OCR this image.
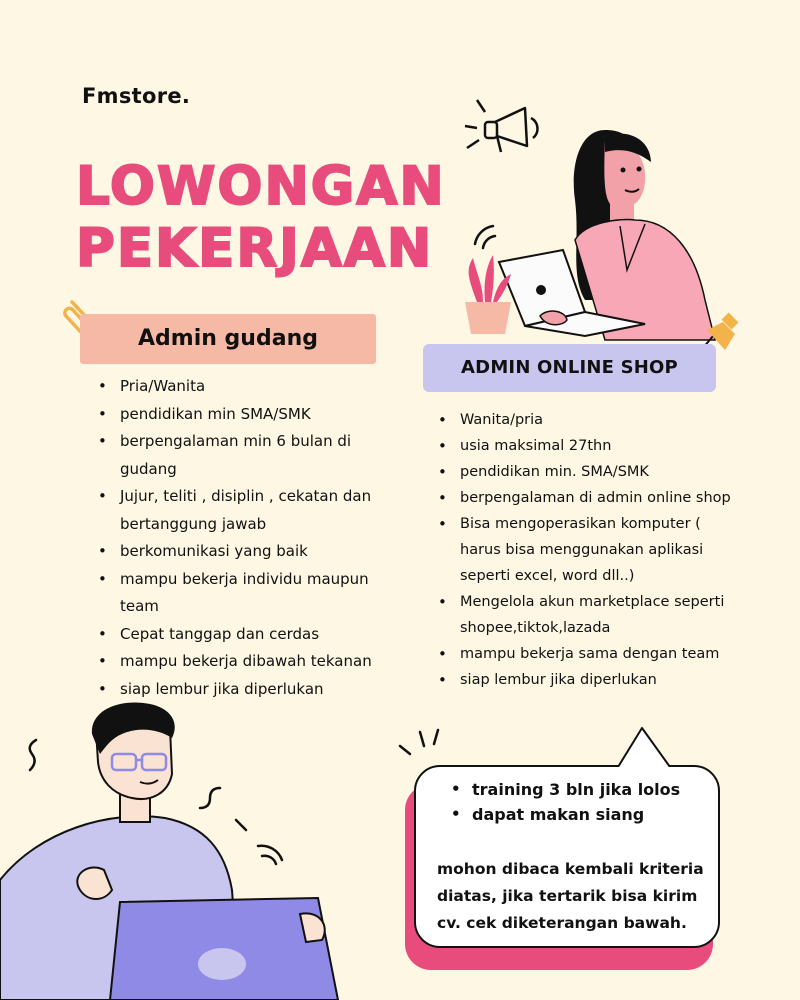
Fmstore.
LOWONGAN
PEKERJAAN
Admin gudang
• Pria/Wanita
• pendidikan min SMA/SMK
• berpengalaman min 6 bulan di gudang
• Jujur, teliti , disiplin , cekatan dan bertanggung jawab
• berkomunikasi yang baik
• mampu bekerja individu maupun team
• Cepat tanggap dan cerdas
• mampu bekerja dibawah tekanan
• siap lembur jika diperlukan
ADMIN ONLINE SHOP
• Wanita/pria
• usia maksimal 27thn
• pendidikan min. SMA/SMK
• berpengalaman di admin online shop
• Bisa mengoperasikan komputer ( harus bisa menggunakan aplikasi seperti excel, word dll..)
• Mengelola akun marketplace seperti shopee,tiktok,lazada
• mampu bekerja sama dengan team
• siap lembur jika diperlukan
• training 3 bln jika lolos
• dapat makan siang
mohon dibaca kembali kriteria diatas, jika tertarik bisa kirim cv. cek diketerangan bawah.
